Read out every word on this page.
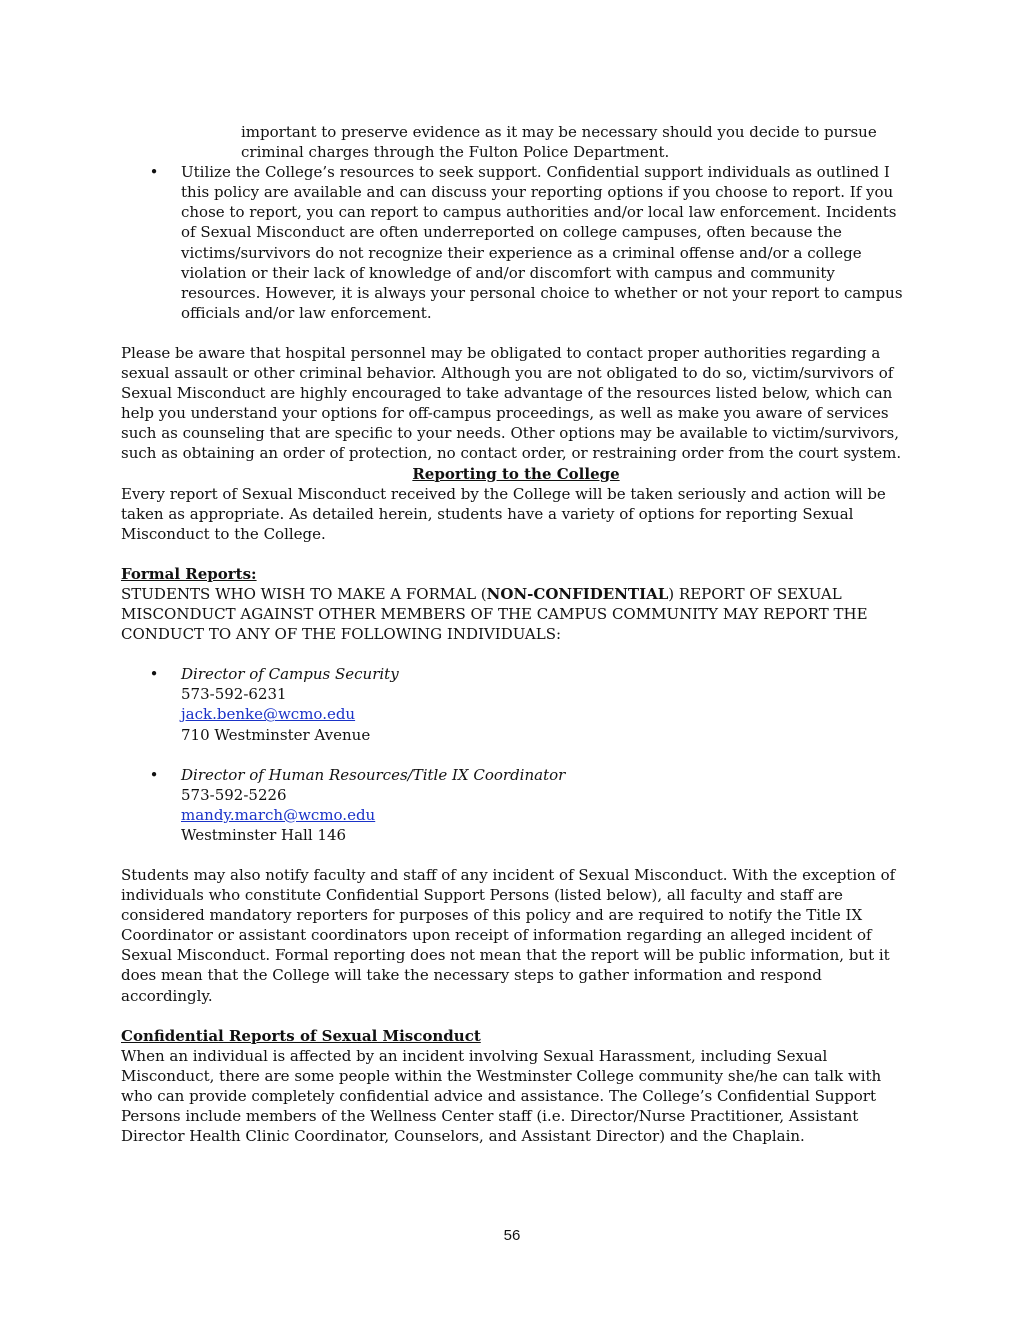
important to preserve evidence as it may be necessary should you decide to pursue

criminal charges through the Fulton Police Department.

• Utilize the College’s resources to seek support. Confidential support individuals as outlined I this policy are available and can discuss your reporting options if you choose to report. If you chose to report, you can report to campus authorities and/or local law enforcement. Incidents of Sexual Misconduct are often underreported on college campuses, often because the victims/survivors do not recognize their experience as a criminal offense and/or a college violation or their lack of knowledge of and/or discomfort with campus and community resources. However, it is always your personal choice to whether or not your report to campus officials and/or law enforcement.

Please be aware that hospital personnel may be obligated to contact proper authorities regarding a sexual assault or other criminal behavior. Although you are not obligated to do so, victim/survivors of Sexual Misconduct are highly encouraged to take advantage of the resources listed below, which can help you understand your options for off-campus proceedings, as well as make you aware of services such as counseling that are specific to your needs. Other options may be available to victim/survivors, such as obtaining an order of protection, no contact order, or restraining order from the court system.

Reporting to the College

Every report of Sexual Misconduct received by the College will be taken seriously and action will be taken as appropriate. As detailed herein, students have a variety of options for reporting Sexual Misconduct to the College.

Formal Reports:

STUDENTS WHO WISH TO MAKE A FORMAL (NON-CONFIDENTIAL) REPORT OF SEXUAL MISCONDUCT AGAINST OTHER MEMBERS OF THE CAMPUS COMMUNITY MAY REPORT THE CONDUCT TO ANY OF THE FOLLOWING INDIVIDUALS:

• Director of Campus Security

573-592-6231

jack.benke@wcmo.edu

710 Westminster Avenue

• Director of Human Resources/Title IX Coordinator

573-592-5226

mandy.march@wcmo.edu

Westminster Hall 146

Students may also notify faculty and staff of any incident of Sexual Misconduct. With the exception of individuals who constitute Confidential Support Persons (listed below), all faculty and staff are considered mandatory reporters for purposes of this policy and are required to notify the Title IX Coordinator or assistant coordinators upon receipt of information regarding an alleged incident of Sexual Misconduct. Formal reporting does not mean that the report will be public information, but it does mean that the College will take the necessary steps to gather information and respond accordingly.

Confidential Reports of Sexual Misconduct

When an individual is affected by an incident involving Sexual Harassment, including Sexual Misconduct, there are some people within the Westminster College community she/he can talk with who can provide completely confidential advice and assistance. The College’s Confidential Support Persons include members of the Wellness Center staff (i.e. Director/Nurse Practitioner, Assistant Director Health Clinic Coordinator, Counselors, and Assistant Director) and the Chaplain.

56
